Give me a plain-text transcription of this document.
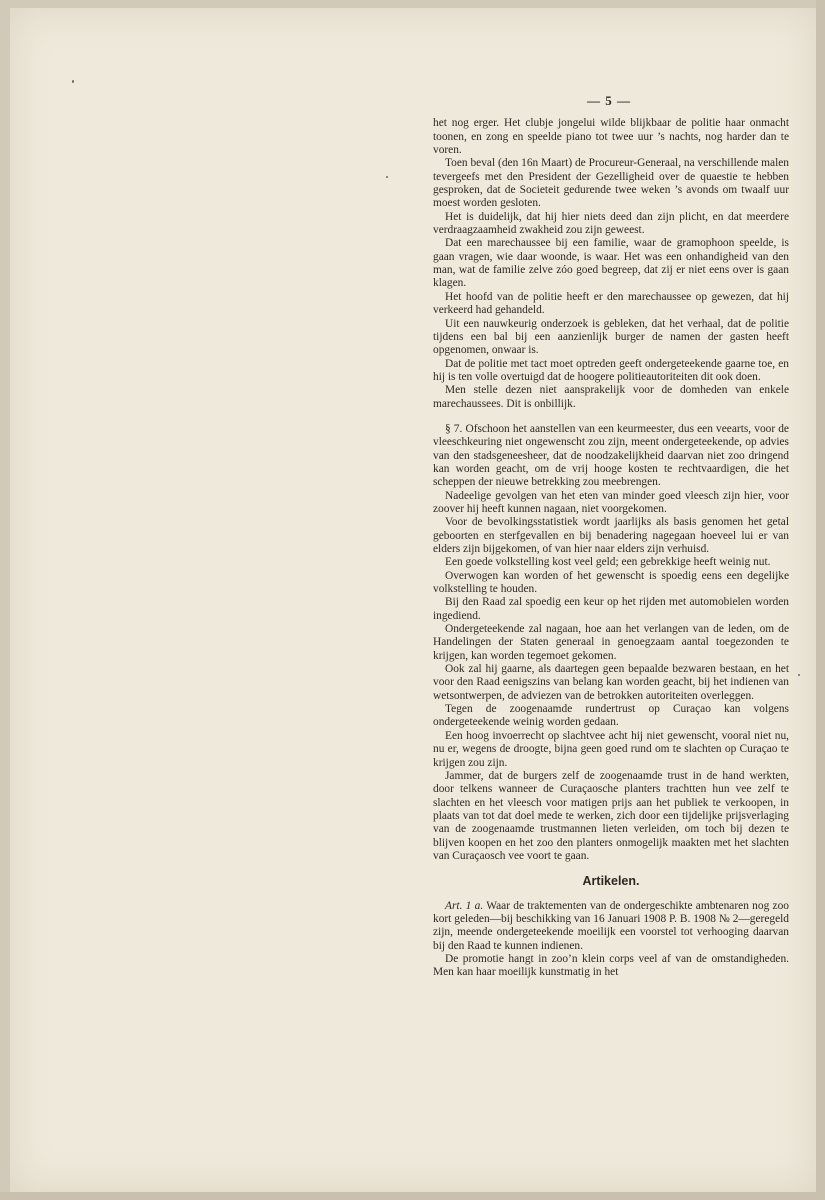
— 5 —

het nog erger. Het clubje jongelui wilde blijkbaar de politie haar onmacht toonen, en zong en speelde piano tot twee uur ’s nachts, nog harder dan te voren.

Toen beval (den 16n Maart) de Procureur-Generaal, na verschillende malen tevergeefs met den President der Gezelligheid over de quaestie te hebben gesproken, dat de Societeit gedurende twee weken ’s avonds om twaalf uur moest worden gesloten.

Het is duidelijk, dat hij hier niets deed dan zijn plicht, en dat meerdere verdraagzaamheid zwakheid zou zijn geweest.

Dat een marechaussee bij een familie, waar de gramophoon speelde, is gaan vragen, wie daar woonde, is waar. Het was een onhandigheid van den man, wat de familie zelve zóo goed begreep, dat zij er niet eens over is gaan klagen.

Het hoofd van de politie heeft er den marechaussee op gewezen, dat hij verkeerd had gehandeld.

Uit een nauwkeurig onderzoek is gebleken, dat het verhaal, dat de politie tijdens een bal bij een aanzienlijk burger de namen der gasten heeft opgenomen, onwaar is.

Dat de politie met tact moet optreden geeft ondergeteekende gaarne toe, en hij is ten volle overtuigd dat de hoogere politieautoriteiten dit ook doen.

Men stelle dezen niet aansprakelijk voor de domheden van enkele marechaussees. Dit is onbillijk.

§ 7. Ofschoon het aanstellen van een keurmeester, dus een veearts, voor de vleeschkeuring niet ongewenscht zou zijn, meent ondergeteekende, op advies van den stadsgeneesheer, dat de noodzakelijkheid daarvan niet zoo dringend kan worden geacht, om de vrij hooge kosten te rechtvaardigen, die het scheppen der nieuwe betrekking zou meebrengen.

Nadeelige gevolgen van het eten van minder goed vleesch zijn hier, voor zoover hij heeft kunnen nagaan, niet voorgekomen.

Voor de bevolkingsstatistiek wordt jaarlijks als basis genomen het getal geboorten en sterfgevallen en bij benadering nagegaan hoeveel lui er van elders zijn bijgekomen, of van hier naar elders zijn verhuisd.

Een goede volkstelling kost veel geld; een gebrekkige heeft weinig nut.

Overwogen kan worden of het gewenscht is spoedig eens een degelijke volkstelling te houden.

Bij den Raad zal spoedig een keur op het rijden met automobielen worden ingediend.

Ondergeteekende zal nagaan, hoe aan het verlangen van de leden, om de Handelingen der Staten generaal in genoegzaam aantal toegezonden te krijgen, kan worden tegemoet gekomen.

Ook zal hij gaarne, als daartegen geen bepaalde bezwaren bestaan, en het voor den Raad eenigszins van belang kan worden geacht, bij het indienen van wetsontwerpen, de adviezen van de betrokken autoriteiten overleggen.

Tegen de zoogenaamde rundertrust op Curaçao kan volgens ondergeteekende weinig worden gedaan.

Een hoog invoerrecht op slachtvee acht hij niet gewenscht, vooral niet nu, nu er, wegens de droogte, bijna geen goed rund om te slachten op Curaçao te krijgen zou zijn.

Jammer, dat de burgers zelf de zoogenaamde trust in de hand werkten, door telkens wanneer de Curaçaosche planters trachtten hun vee zelf te slachten en het vleesch voor matigen prijs aan het publiek te verkoopen, in plaats van tot dat doel mede te werken, zich door een tijdelijke prijsverlaging van de zoogenaamde trustmannen lieten verleiden, om toch bij dezen te blijven koopen en het zoo den planters onmogelijk maakten met het slachten van Curaçaosch vee voort te gaan.

Artikelen.

Art. 1 a. Waar de traktementen van de ondergeschikte ambtenaren nog zoo kort geleden—bij beschikking van 16 Januari 1908 P. B. 1908 № 2—geregeld zijn, meende ondergeteekende moeilijk een voorstel tot verhooging daarvan bij den Raad te kunnen indienen.

De promotie hangt in zoo’n klein corps veel af van de omstandigheden. Men kan haar moeilijk kunstmatig in het
